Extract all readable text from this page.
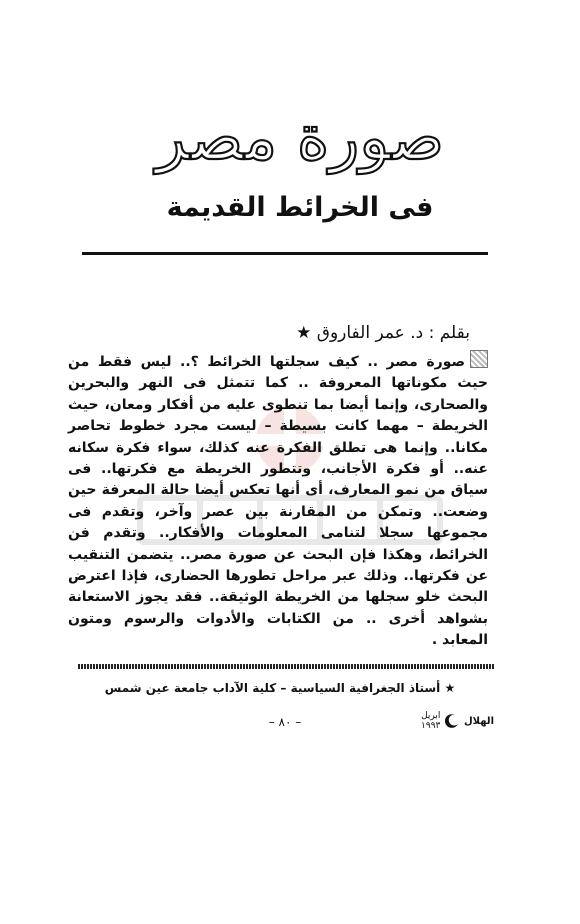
صورة مصر
فى الخرائط القديمة
بقلم : د. عمر الفاروق ★
صورة مصر .. كيف سجلتها الخرائط ؟.. ليس فقط من حيث مكوناتها المعروفة .. كما تتمثل فى النهر والبحرين والصحارى، وإنما أيضا بما تنطوى عليه من أفكار ومعان، حيث الخريطة – مهما كانت بسيطة – ليست مجرد خطوط تحاصر مكانا.. وإنما هى تطلق الفكرة عنه كذلك، سواء فكرة سكانه عنه.. أو فكرة الأجانب، وتتطور الخريطة مع فكرتها.. فى سياق من نمو المعارف، أى أنها تعكس أيضا حالة المعرفة حين وضعت.. وتمكن من المقارنة بين عصر وآخر، وتقدم فى مجموعها سجلا لتنامى المعلومات والأفكار.. وتقدم فن الخرائط، وهكذا فإن البحث عن صورة مصر.. يتضمن التنقيب عن فكرتها.. وذلك عبر مراحل تطورها الحضارى، فإذا اعترض البحث خلو سجلها من الخريطة الوثيقة.. فقد يجوز الاستعانة بشواهد أخرى .. من الكتابات والأدوات والرسوم ومتون المعابد .
★ أستاذ الجغرافية السياسية – كلية الآداب جامعة عين شمس
– ٨٠ –	الهلال
ابريل ١٩٩٣
